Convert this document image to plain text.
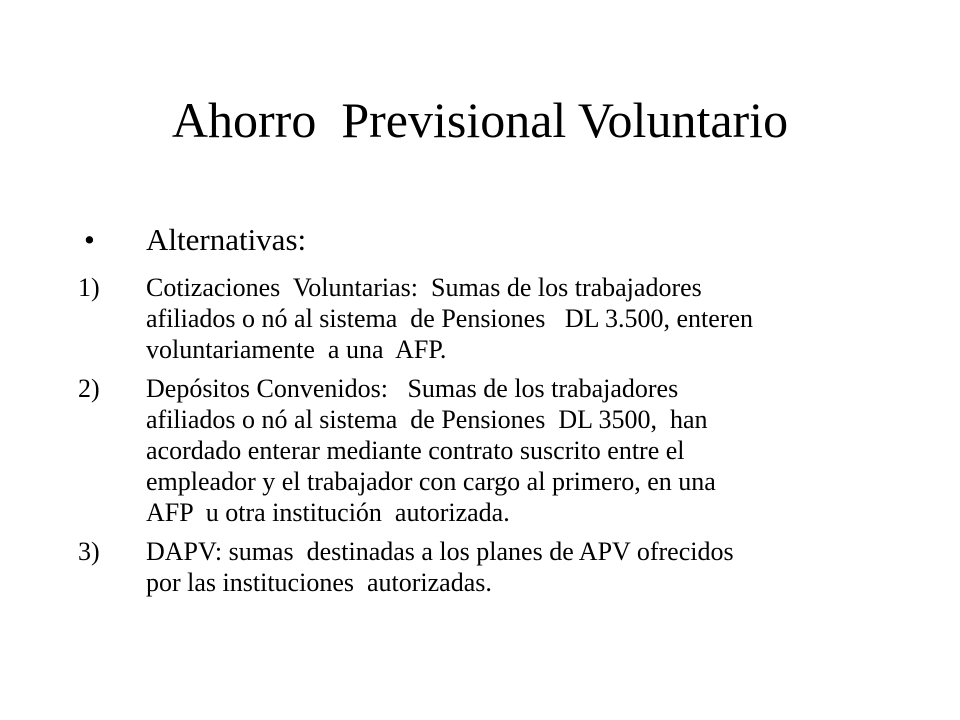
Ahorro  Previsional Voluntario
•	Alternativas:
1)	Cotizaciones  Voluntarias:  Sumas de los trabajadores
afiliados o nó al sistema  de Pensiones   DL 3.500, enteren
voluntariamente  a una  AFP.
2)	Depósitos Convenidos:   Sumas de los trabajadores
afiliados o nó al sistema  de Pensiones  DL 3500,  han
acordado enterar mediante contrato suscrito entre el
empleador y el trabajador con cargo al primero, en una
AFP  u otra institución  autorizada.
3)	DAPV: sumas  destinadas a los planes de APV ofrecidos
por las instituciones  autorizadas.
